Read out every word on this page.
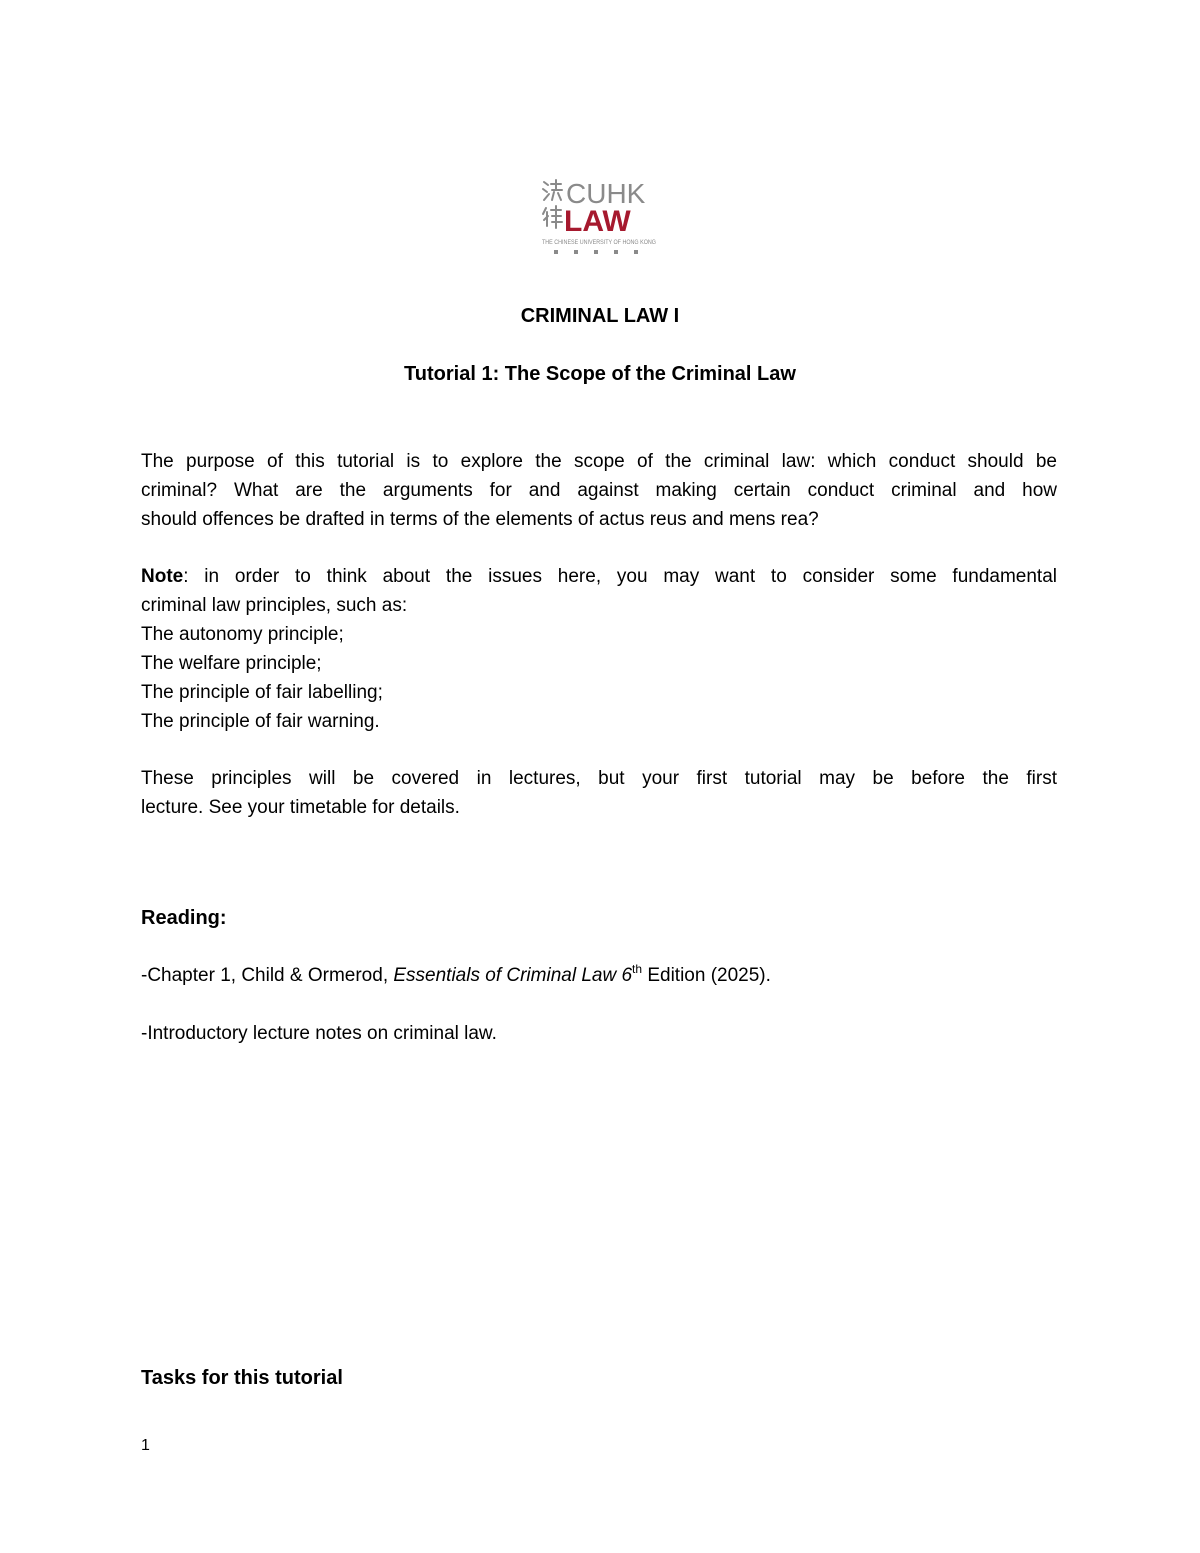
CUHK
LAW
THE CHINESE UNIVERSITY OF HONG KONG
CRIMINAL LAW I
Tutorial 1: The Scope of the Criminal Law
The purpose of this tutorial is to explore the scope of the criminal law: which conduct should be
criminal? What are the arguments for and against making certain conduct criminal and how
should offences be drafted in terms of the elements of actus reus and mens rea?
Note: in order to think about the issues here, you may want to consider some fundamental
criminal law principles, such as:
The autonomy principle;
The welfare principle;
The principle of fair labelling;
The principle of fair warning.
These principles will be covered in lectures, but your first tutorial may be before the first
lecture. See your timetable for details.
Reading:
-Chapter 1, Child & Ormerod, Essentials of Criminal Law 6th Edition (2025).
-Introductory lecture notes on criminal law.
Tasks for this tutorial
1
